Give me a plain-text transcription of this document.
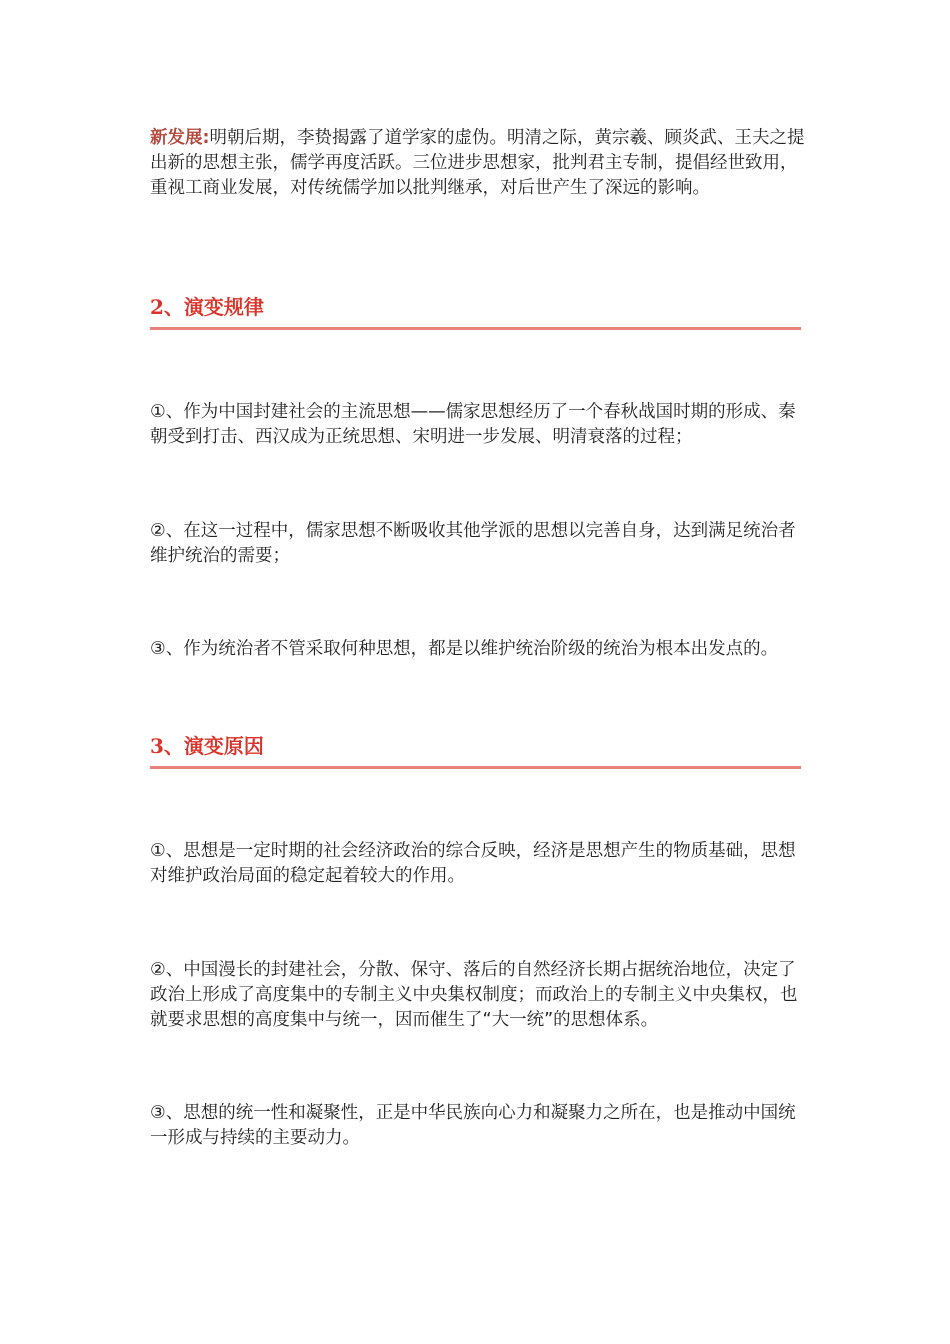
新发展:明朝后期，李贽揭露了道学家的虚伪。明清之际，黄宗羲、顾炎武、王夫之提出新的思想主张，儒学再度活跃。三位进步思想家，批判君主专制，提倡经世致用，重视工商业发展，对传统儒学加以批判继承，对后世产生了深远的影响。

2、演变规律

①、作为中国封建社会的主流思想——儒家思想经历了一个春秋战国时期的形成、秦朝受到打击、西汉成为正统思想、宋明进一步发展、明清衰落的过程；

②、在这一过程中，儒家思想不断吸收其他学派的思想以完善自身，达到满足统治者维护统治的需要；

③、作为统治者不管采取何种思想，都是以维护统治阶级的统治为根本出发点的。

3、演变原因

①、思想是一定时期的社会经济政治的综合反映，经济是思想产生的物质基础，思想对维护政治局面的稳定起着较大的作用。

②、中国漫长的封建社会，分散、保守、落后的自然经济长期占据统治地位，决定了政治上形成了高度集中的专制主义中央集权制度；而政治上的专制主义中央集权，也就要求思想的高度集中与统一，因而催生了“大一统”的思想体系。

③、思想的统一性和凝聚性，正是中华民族向心力和凝聚力之所在，也是推动中国统一形成与持续的主要动力。
